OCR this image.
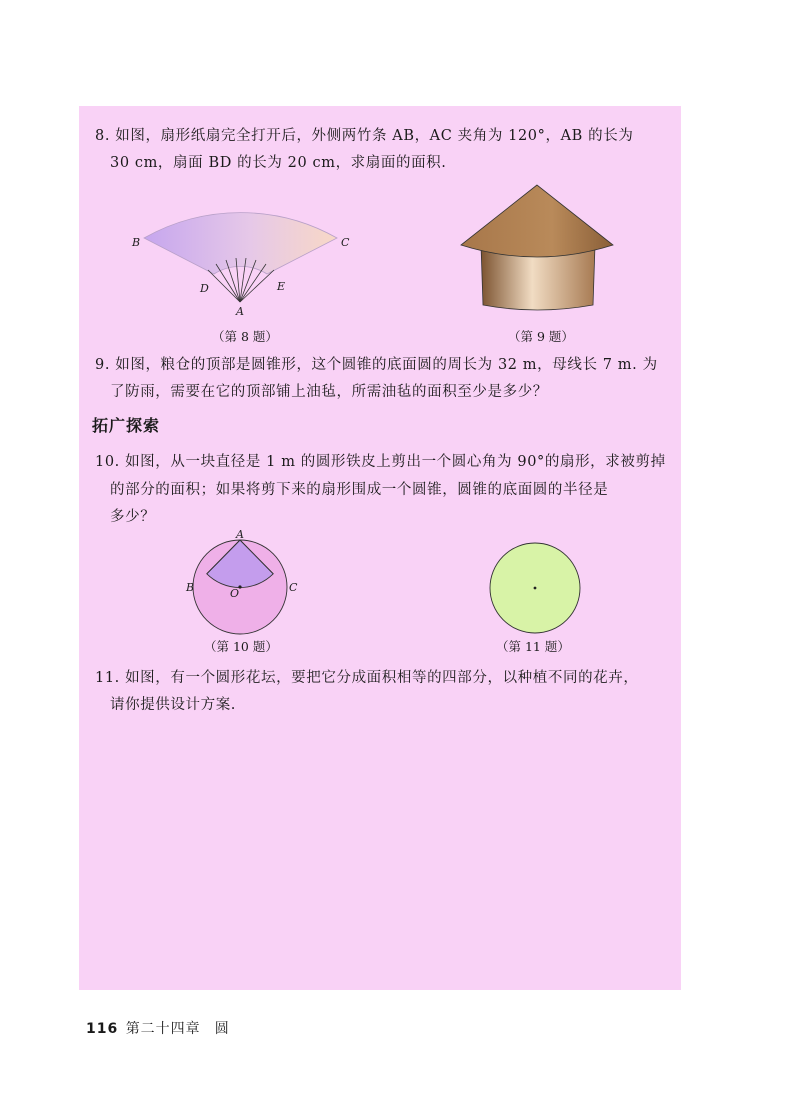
8. 如图，扇形纸扇完全打开后，外侧两竹条 AB，AC 夹角为 120°，AB 的长为
30 cm，扇面 BD 的长为 20 cm，求扇面的面积.
B	C
D	E
A
（第 8 题）	（第 9 题）
9. 如图，粮仓的顶部是圆锥形，这个圆锥的底面圆的周长为 32 m，母线长 7 m. 为
了防雨，需要在它的顶部铺上油毡，所需油毡的面积至少是多少？
拓广探索
10. 如图，从一块直径是 1 m 的圆形铁皮上剪出一个圆心角为 90°的扇形，求被剪掉
的部分的面积；如果将剪下来的扇形围成一个圆锥，圆锥的底面圆的半径是
多少？
A
B	C
O
（第 10 题）	（第 11 题）
11. 如图，有一个圆形花坛，要把它分成面积相等的四部分，以种植不同的花卉，
请你提供设计方案.
116 第二十四章 圆
